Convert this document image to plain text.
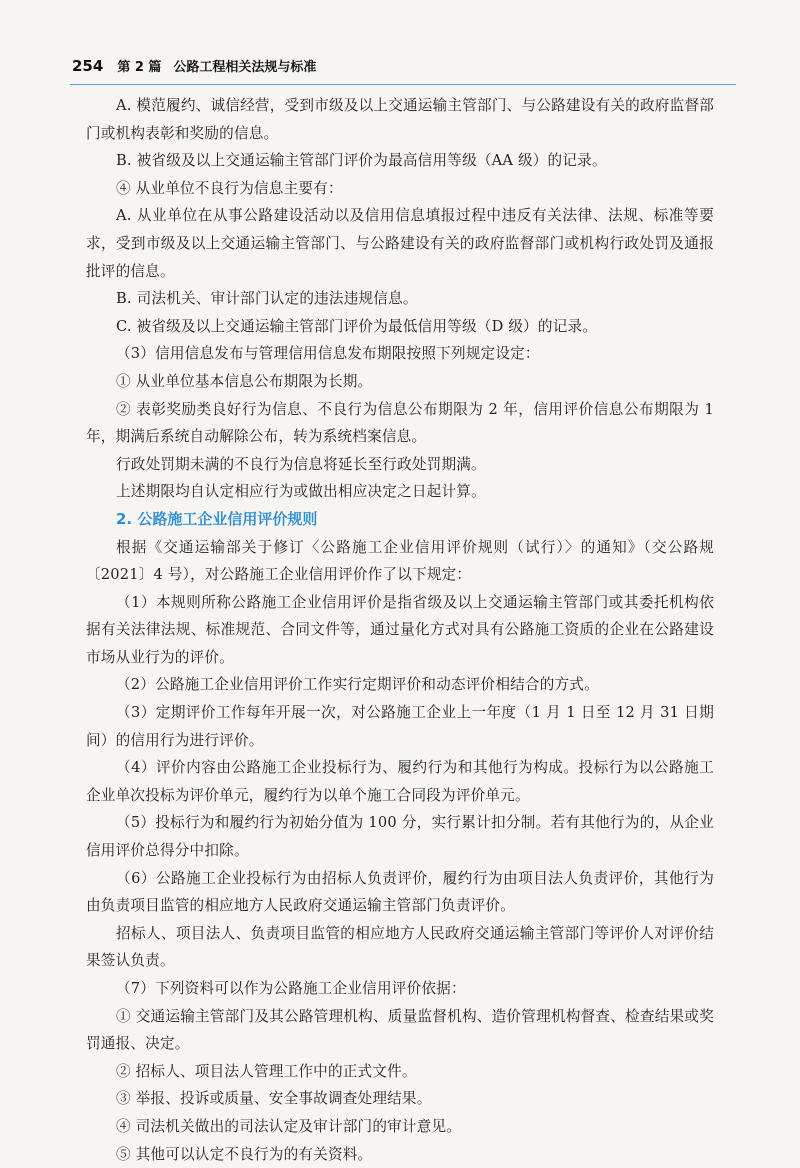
254 第 2 篇 公路工程相关法规与标准

A. 模范履约、诚信经营，受到市级及以上交通运输主管部门、与公路建设有关的政府监督部门或机构表彰和奖励的信息。

B. 被省级及以上交通运输主管部门评价为最高信用等级（AA 级）的记录。

④ 从业单位不良行为信息主要有：

A. 从业单位在从事公路建设活动以及信用信息填报过程中违反有关法律、法规、标准等要求，受到市级及以上交通运输主管部门、与公路建设有关的政府监督部门或机构行政处罚及通报批评的信息。

B. 司法机关、审计部门认定的违法违规信息。

C. 被省级及以上交通运输主管部门评价为最低信用等级（D 级）的记录。

（3）信用信息发布与管理信用信息发布期限按照下列规定设定：

① 从业单位基本信息公布期限为长期。

② 表彰奖励类良好行为信息、不良行为信息公布期限为 2 年，信用评价信息公布期限为 1 年，期满后系统自动解除公布，转为系统档案信息。

行政处罚期未满的不良行为信息将延长至行政处罚期满。

上述期限均自认定相应行为或做出相应决定之日起计算。

2. 公路施工企业信用评价规则

根据《交通运输部关于修订〈公路施工企业信用评价规则（试行）〉的通知》（交公路规〔2021〕4 号），对公路施工企业信用评价作了以下规定：

（1）本规则所称公路施工企业信用评价是指省级及以上交通运输主管部门或其委托机构依据有关法律法规、标准规范、合同文件等，通过量化方式对具有公路施工资质的企业在公路建设市场从业行为的评价。

（2）公路施工企业信用评价工作实行定期评价和动态评价相结合的方式。

（3）定期评价工作每年开展一次，对公路施工企业上一年度（1 月 1 日至 12 月 31 日期间）的信用行为进行评价。

（4）评价内容由公路施工企业投标行为、履约行为和其他行为构成。投标行为以公路施工企业单次投标为评价单元，履约行为以单个施工合同段为评价单元。

（5）投标行为和履约行为初始分值为 100 分，实行累计扣分制。若有其他行为的，从企业信用评价总得分中扣除。

（6）公路施工企业投标行为由招标人负责评价，履约行为由项目法人负责评价，其他行为由负责项目监管的相应地方人民政府交通运输主管部门负责评价。

招标人、项目法人、负责项目监管的相应地方人民政府交通运输主管部门等评价人对评价结果签认负责。

（7）下列资料可以作为公路施工企业信用评价依据：

① 交通运输主管部门及其公路管理机构、质量监督机构、造价管理机构督查、检查结果或奖罚通报、决定。

② 招标人、项目法人管理工作中的正式文件。

③ 举报、投诉或质量、安全事故调查处理结果。

④ 司法机关做出的司法认定及审计部门的审计意见。

⑤ 其他可以认定不良行为的有关资料。
